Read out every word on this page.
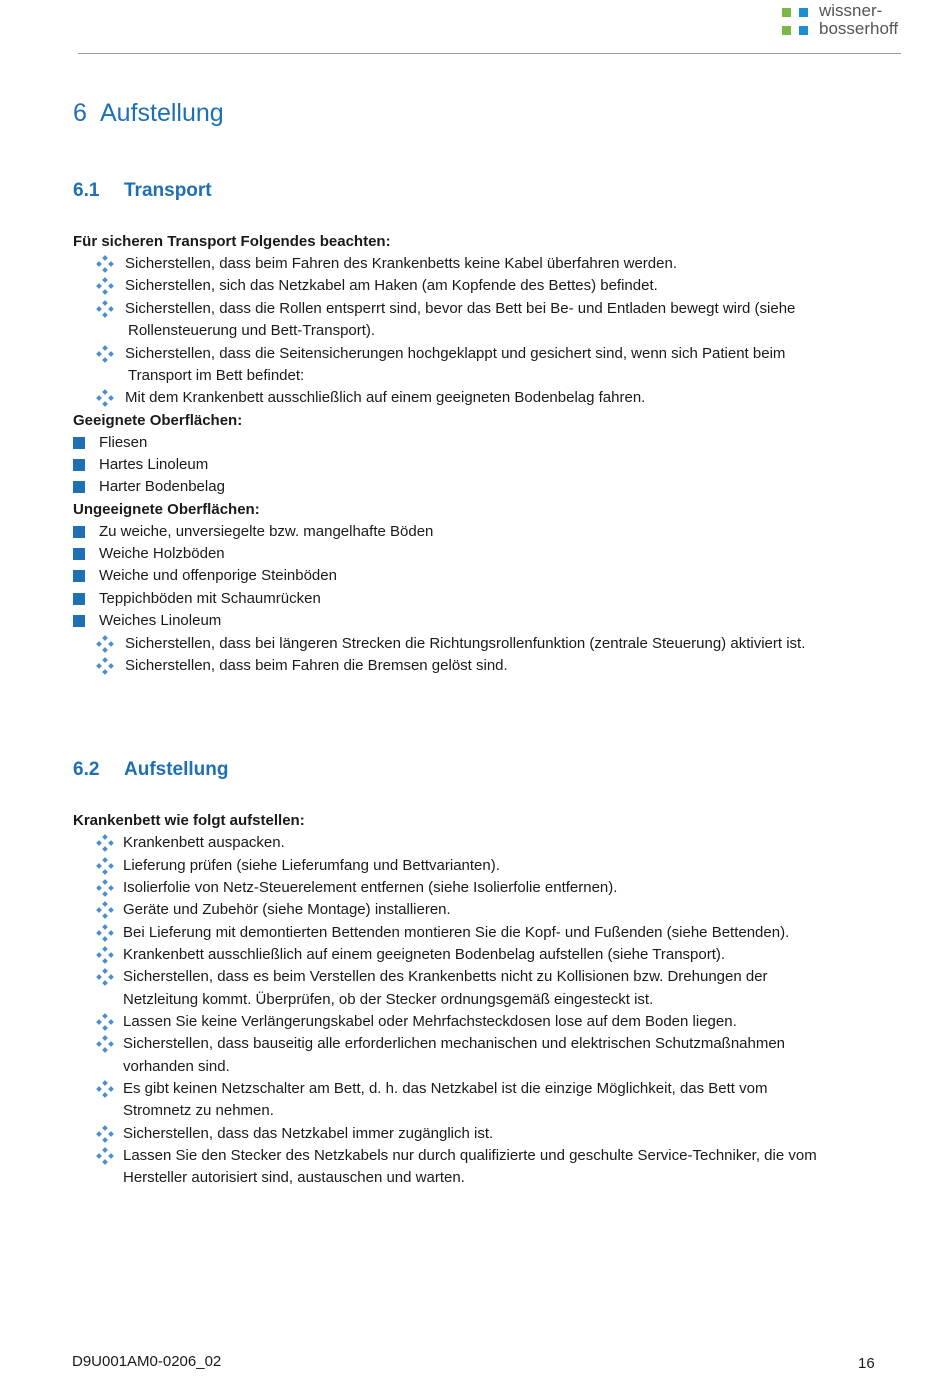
wissner-
bosserhoff
6 Aufstellung
6.1 Transport
Für sicheren Transport Folgendes beachten:
Sicherstellen, dass beim Fahren des Krankenbetts keine Kabel überfahren werden.
Sicherstellen, sich das Netzkabel am Haken (am Kopfende des Bettes) befindet.
Sicherstellen, dass die Rollen entsperrt sind, bevor das Bett bei Be- und Entladen bewegt wird (siehe
Rollensteuerung und Bett-Transport).
Sicherstellen, dass die Seitensicherungen hochgeklappt und gesichert sind, wenn sich Patient beim
Transport im Bett befindet:
Mit dem Krankenbett ausschließlich auf einem geeigneten Bodenbelag fahren.
Geeignete Oberflächen:
Fliesen
Hartes Linoleum
Harter Bodenbelag
Ungeeignete Oberflächen:
Zu weiche, unversiegelte bzw. mangelhafte Böden
Weiche Holzböden
Weiche und offenporige Steinböden
Teppichböden mit Schaumrücken
Weiches Linoleum
Sicherstellen, dass bei längeren Strecken die Richtungsrollenfunktion (zentrale Steuerung) aktiviert ist.
Sicherstellen, dass beim Fahren die Bremsen gelöst sind.
6.2 Aufstellung
Krankenbett wie folgt aufstellen:
Krankenbett auspacken.
Lieferung prüfen (siehe Lieferumfang und Bettvarianten).
Isolierfolie von Netz-Steuerelement entfernen (siehe Isolierfolie entfernen).
Geräte und Zubehör (siehe Montage) installieren.
Bei Lieferung mit demontierten Bettenden montieren Sie die Kopf- und Fußenden (siehe Bettenden).
Krankenbett ausschließlich auf einem geeigneten Bodenbelag aufstellen (siehe Transport).
Sicherstellen, dass es beim Verstellen des Krankenbetts nicht zu Kollisionen bzw. Drehungen der
Netzleitung kommt. Überprüfen, ob der Stecker ordnungsgemäß eingesteckt ist.
Lassen Sie keine Verlängerungskabel oder Mehrfachsteckdosen lose auf dem Boden liegen.
Sicherstellen, dass bauseitig alle erforderlichen mechanischen und elektrischen Schutzmaßnahmen
vorhanden sind.
Es gibt keinen Netzschalter am Bett, d. h. das Netzkabel ist die einzige Möglichkeit, das Bett vom
Stromnetz zu nehmen.
Sicherstellen, dass das Netzkabel immer zugänglich ist.
Lassen Sie den Stecker des Netzkabels nur durch qualifizierte und geschulte Service-Techniker, die vom
Hersteller autorisiert sind, austauschen und warten.
D9U001AM0-0206_02	16
